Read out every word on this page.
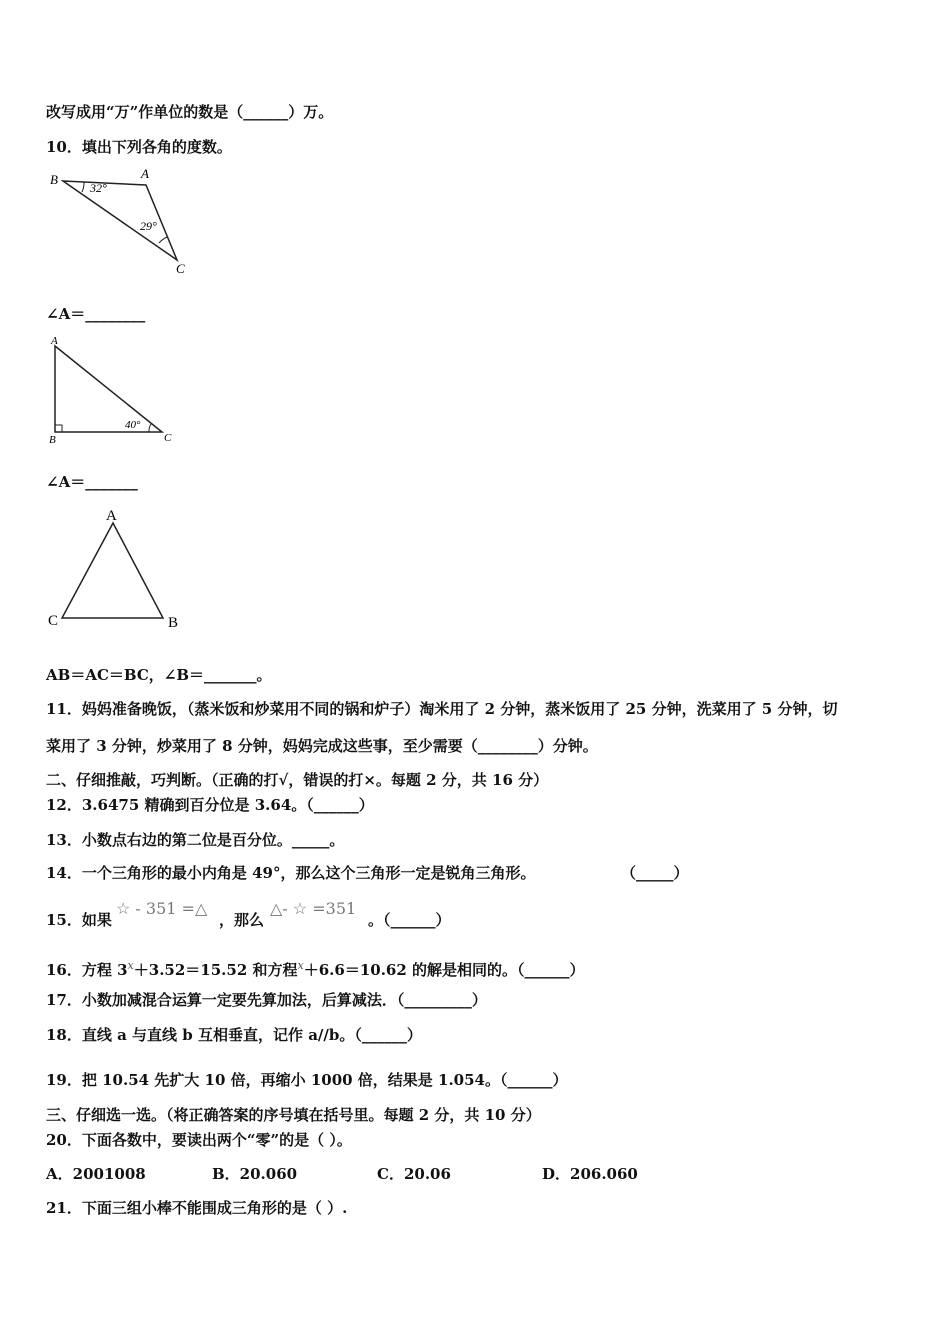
改写成用“万”作单位的数是（______）万。
10．填出下列各角的度数。
B	A
C
32°
29°
∠A＝________
A
B	C
40°
∠A＝_______
A
C	B
AB＝AC＝BC，∠B＝_______。
11．妈妈准备晚饭，（蒸米饭和炒菜用不同的锅和炉子）淘米用了 2 分钟，蒸米饭用了 25 分钟，洗菜用了 5 分钟，切
菜用了 3 分钟，炒菜用了 8 分钟，妈妈完成这些事，至少需要（________）分钟。
二、仔细推敲，巧判断。（正确的打√，错误的打×。每题 2 分，共 16 分）
12．3.6475 精确到百分位是 3.64。（______）
13．小数点右边的第二位是百分位。_____。
14．一个三角形的最小内角是 49°，那么这个三角形一定是锐角三角形。	（_____）
15．如果
☆ - 351 =△
，那么
△- ☆ =351
。（______）
16．方程 $3^x+3.52=15.52$ 和方程$^x$＋6.6＝10.62 的解是相同的。（______）
17．小数加减混合运算一定要先算加法，后算减法．（_________）
18．直线 a 与直线 b 互相垂直，记作 a//b。（______）
19．把 10.54 先扩大 10 倍，再缩小 1000 倍，结果是 1.054。（______）
三、仔细选一选。（将正确答案的序号填在括号里。每题 2 分，共 10 分）
20．下面各数中，要读出两个“零”的是（ ）。
A．2001008	B．20.060	C．20.06	D．206.060
21．下面三组小棒不能围成三角形的是（ ）.
